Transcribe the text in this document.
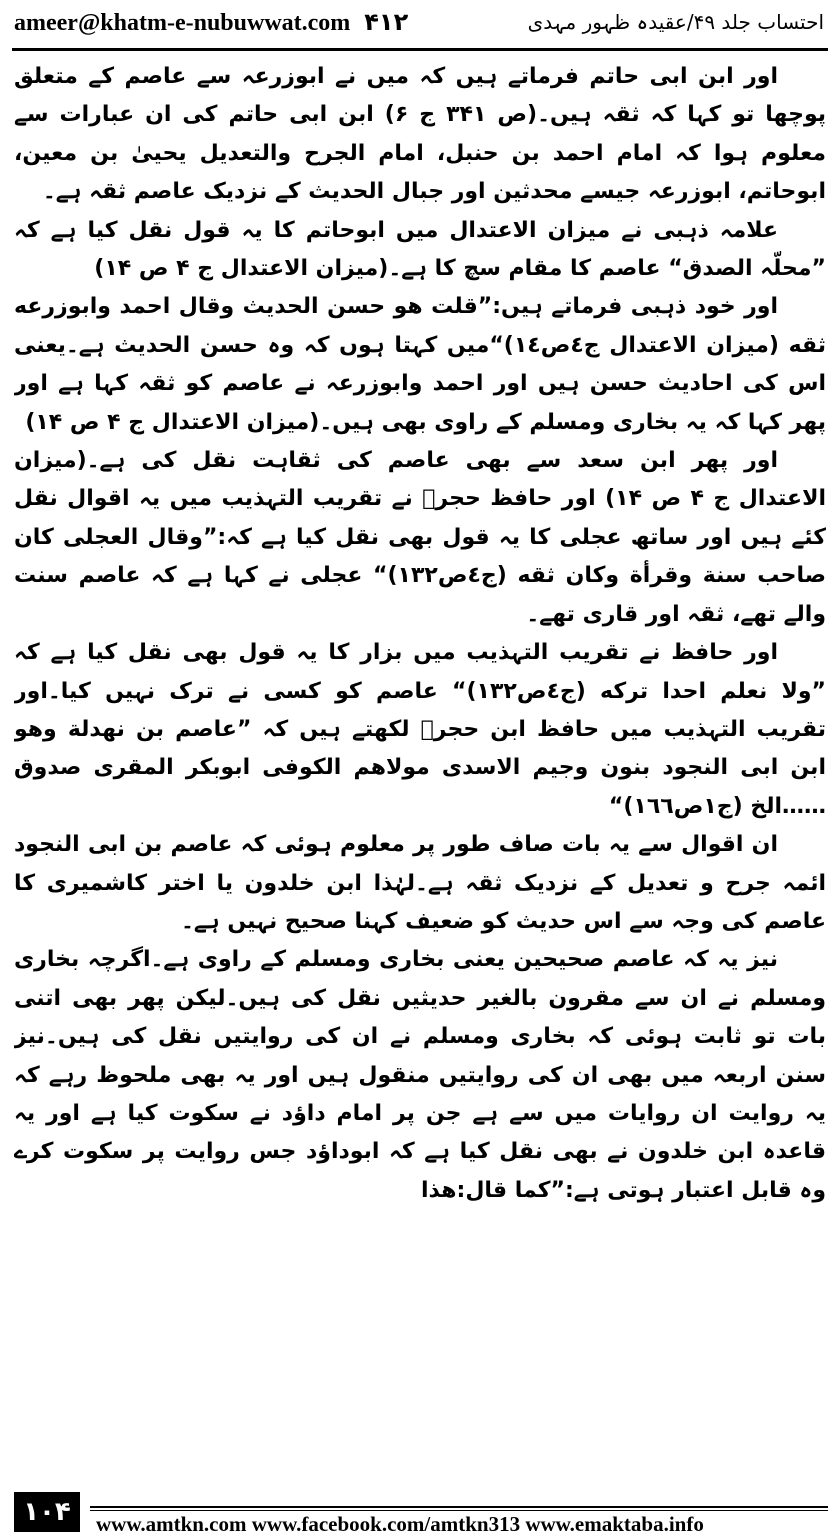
ameer@khatm-e-nubuwwat.com ۴۱۲	احتساب جلد ۴۹/عقیدہ ظہور مہدی

اور ابن ابی حاتم فرماتے ہیں کہ میں نے ابوزرعہ سے عاصم کے متعلق پوچھا تو کہا کہ ثقہ ہیں۔(ص ۳۴۱ ج ۶) ابن ابی حاتم کی ان عبارات سے معلوم ہوا کہ امام احمد بن حنبل، امام الجرح والتعدیل یحییٰ بن معین، ابوحاتم، ابوزرعہ جیسے محدثین اور جبال الحدیث کے نزدیک عاصم ثقہ ہے۔

علامہ ذہبی نے میزان الاعتدال میں ابوحاتم کا یہ قول نقل کیا ہے کہ ”محلّہ الصدق“ عاصم کا مقام سچ کا ہے۔(میزان الاعتدال ج ۴ ص ۱۴)

اور خود ذہبی فرماتے ہیں:”قلت هو حسن الحديث وقال احمد وابوزرعه ثقه (ميزان الاعتدال ج٤ص١٤)“میں کہتا ہوں کہ وہ حسن الحدیث ہے۔یعنی اس کی احادیث حسن ہیں اور احمد وابوزرعہ نے عاصم کو ثقہ کہا ہے اور پھر کہا کہ یہ بخاری ومسلم کے راوی بھی ہیں۔(میزان الاعتدال ج ۴ ص ۱۴)

اور پھر ابن سعد سے بھی عاصم کی ثقاہت نقل کی ہے۔(میزان الاعتدال ج ۴ ص ۱۴) اور حافظ حجرؒ نے تقریب التہذیب میں یہ اقوال نقل کئے ہیں اور ساتھ عجلی کا یہ قول بھی نقل کیا ہے کہ:”وقال العجلى كان صاحب سنة وقرأة وكان ثقه (ج٤ص١٣٢)“ عجلی نے کہا ہے کہ عاصم سنت والے تھے، ثقہ اور قاری تھے۔

اور حافظ نے تقریب التہذیب میں بزار کا یہ قول بھی نقل کیا ہے کہ ”ولا نعلم احدا تركه (ج٤ص١٣٢)“ عاصم کو کسی نے ترک نہیں کیا۔اور تقریب التہذیب میں حافظ ابن حجرؒ لکھتے ہیں کہ ”عاصم بن نهدلة وهو ابن ابى النجود بنون وجيم الاسدى مولاهم الكوفى ابوبكر المقرى صدوق ……الخ (ج١ص١٦٦)“

ان اقوال سے یہ بات صاف طور پر معلوم ہوئی کہ عاصم بن ابی النجود ائمہ جرح و تعدیل کے نزدیک ثقہ ہے۔لہٰذا ابن خلدون یا اختر کاشمیری کا عاصم کی وجہ سے اس حدیث کو ضعیف کہنا صحیح نہیں ہے۔

نیز یہ کہ عاصم صحیحین یعنی بخاری ومسلم کے راوی ہے۔اگرچہ بخاری ومسلم نے ان سے مقرون بالغیر حدیثیں نقل کی ہیں۔لیکن پھر بھی اتنی بات تو ثابت ہوئی کہ بخاری ومسلم نے ان کی روایتیں نقل کی ہیں۔نیز سنن اربعہ میں بھی ان کی روایتیں منقول ہیں اور یہ بھی ملحوظ رہے کہ یہ روایت ان روایات میں سے ہے جن پر امام داؤد نے سکوت کیا ہے اور یہ قاعدہ ابن خلدون نے بھی نقل کیا ہے کہ ابوداؤد جس روایت پر سکوت کرے وہ قابل اعتبار ہوتی ہے:”كما قال:هذا

۱۰۴	www.amtkn.com www.facebook.com/amtkn313 www.emaktaba.info
